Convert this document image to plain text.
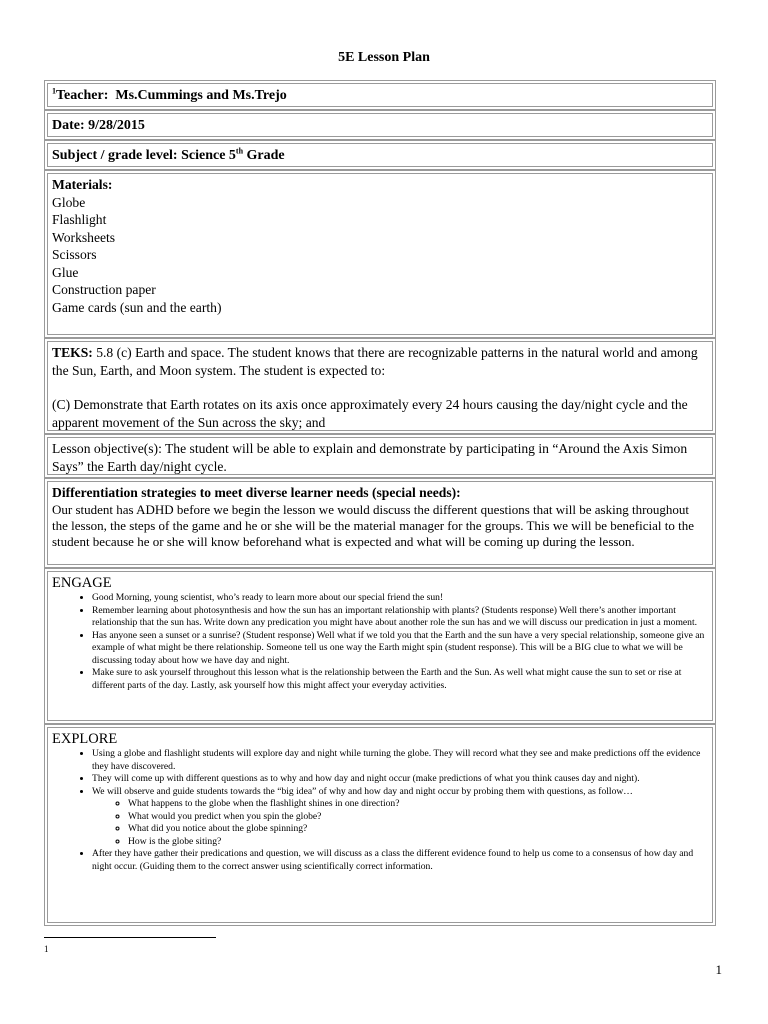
5E Lesson Plan
$^1$Teacher: Ms.Cummings and Ms.Trejo
Date: 9/28/2015
Subject / grade level: Science 5th Grade
Materials:
Globe
Flashlight
Worksheets
Scissors
Glue
Construction paper
Game cards (sun and the earth)
TEKS: 5.8 (c) Earth and space. The student knows that there are recognizable patterns in the natural world and among the Sun, Earth, and Moon system. The student is expected to:
(C) Demonstrate that Earth rotates on its axis once approximately every 24 hours causing the day/night cycle and the apparent movement of the Sun across the sky; and
Lesson objective(s): The student will be able to explain and demonstrate by participating in “Around the Axis Simon Says” the Earth day/night cycle.
Differentiation strategies to meet diverse learner needs (special needs):
Our student has ADHD before we begin the lesson we would discuss the different questions that will be asking throughout the lesson, the steps of the game and he or she will be the material manager for the groups. This we will be beneficial to the student because he or she will know beforehand what is expected and what will be coming up during the lesson.
ENGAGE
• Good Morning, young scientist, who’s ready to learn more about our special friend the sun!
• Remember learning about photosynthesis and how the sun has an important relationship with plants? (Students response) Well there’s another important relationship that the sun has. Write down any predication you might have about another role the sun has and we will discuss our predication in just a moment.
• Has anyone seen a sunset or a sunrise? (Student response) Well what if we told you that the Earth and the sun have a very special relationship, someone give an example of what might be there relationship. Someone tell us one way the Earth might spin (student response). This will be a BIG clue to what we will be discussing today about how we have day and night.
• Make sure to ask yourself throughout this lesson what is the relationship between the Earth and the Sun. As well what might cause the sun to set or rise at different parts of the day. Lastly, ask yourself how this might affect your everyday activities.
EXPLORE
• Using a globe and flashlight students will explore day and night while turning the globe. They will record what they see and make predictions off the evidence they have discovered.
• They will come up with different questions as to why and how day and night occur (make predictions of what you think causes day and night).
• We will observe and guide students towards the “big idea” of why and how day and night occur by probing them with questions, as follow…
◦ What happens to the globe when the flashlight shines in one direction?
◦ What would you predict when you spin the globe?
◦ What did you notice about the globe spinning?
◦ How is the globe siting?
• After they have gather their predications and question, we will discuss as a class the different evidence found to help us come to a consensus of how day and night occur. (Guiding them to the correct answer using scientifically correct information.
1
1
